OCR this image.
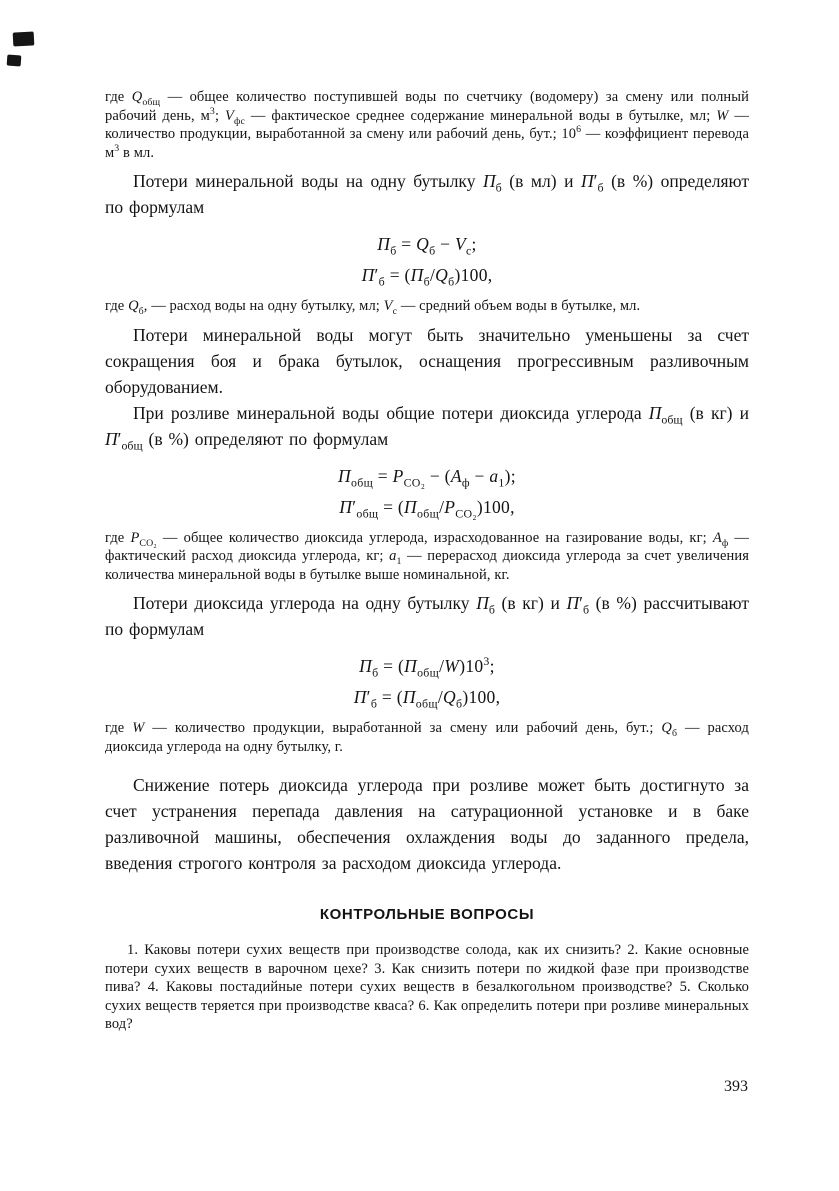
где $Q_{общ}$ — общее количество поступившей воды по счетчику (водомеру) за смену или полный рабочий день, $м^3$; $V_{фс}$ — фактическое среднее содержание минеральной воды в бутылке, мл; W — количество продукции, выработанной за смену или рабочий день, бут.; $10^6$ — коэффициент перевода $м^3$ в мл.

Потери минеральной воды на одну бутылку $П_б$ (в мл) и $П'_б$ (в %) определяют по формулам

$П_б = Q_б - V_с$;
$П'_б = (П_б/Q_б)100$,

где $Q_б$, — расход воды на одну бутылку, мл; $V_с$ — средний объем воды в бутылке, мл.

Потери минеральной воды могут быть значительно уменьшены за счет сокращения боя и брака бутылок, оснащения прогрессивным разливочным оборудованием.

При розливе минеральной воды общие потери диоксида углерода $П_{общ}$ (в кг) и $П'_{общ}$ (в %) определяют по формулам

$П_{общ} = P_{CO_2} - (A_ф - a_1)$;
$П'_{общ} = (П_{общ}/P_{CO_2})100$,

где $P_{CO_2}$ — общее количество диоксида углерода, израсходованное на газирование воды, кг; $A_ф$ — фактический расход диоксида углерода, кг; $a_1$ — перерасход диоксида углерода за счет увеличения количества минеральной воды в бутылке выше номинальной, кг.

Потери диоксида углерода на одну бутылку $П_б$ (в кг) и $П'_б$ (в %) рассчитывают по формулам

$П_б = (П_{общ}/W)10^3$;
$П'_б = (П_{общ}/Q_б)100$,

где W — количество продукции, выработанной за смену или рабочий день, бут.; $Q_б$ — расход диоксида углерода на одну бутылку, г.

Снижение потерь диоксида углерода при розливе может быть достигнуто за счет устранения перепада давления на сатурационной установке и в баке разливочной машины, обеспечения охлаждения воды до заданного предела, введения строгого контроля за расходом диоксида углерода.

КОНТРОЛЬНЫЕ ВОПРОСЫ

1. Каковы потери сухих веществ при производстве солода, как их снизить? 2. Какие основные потери сухих веществ в варочном цехе? 3. Как снизить потери по жидкой фазе при производстве пива? 4. Каковы постадийные потери сухих веществ в безалкогольном производстве? 5. Сколько сухих веществ теряется при производстве кваса? 6. Как определить потери при розливе минеральных вод?

393
